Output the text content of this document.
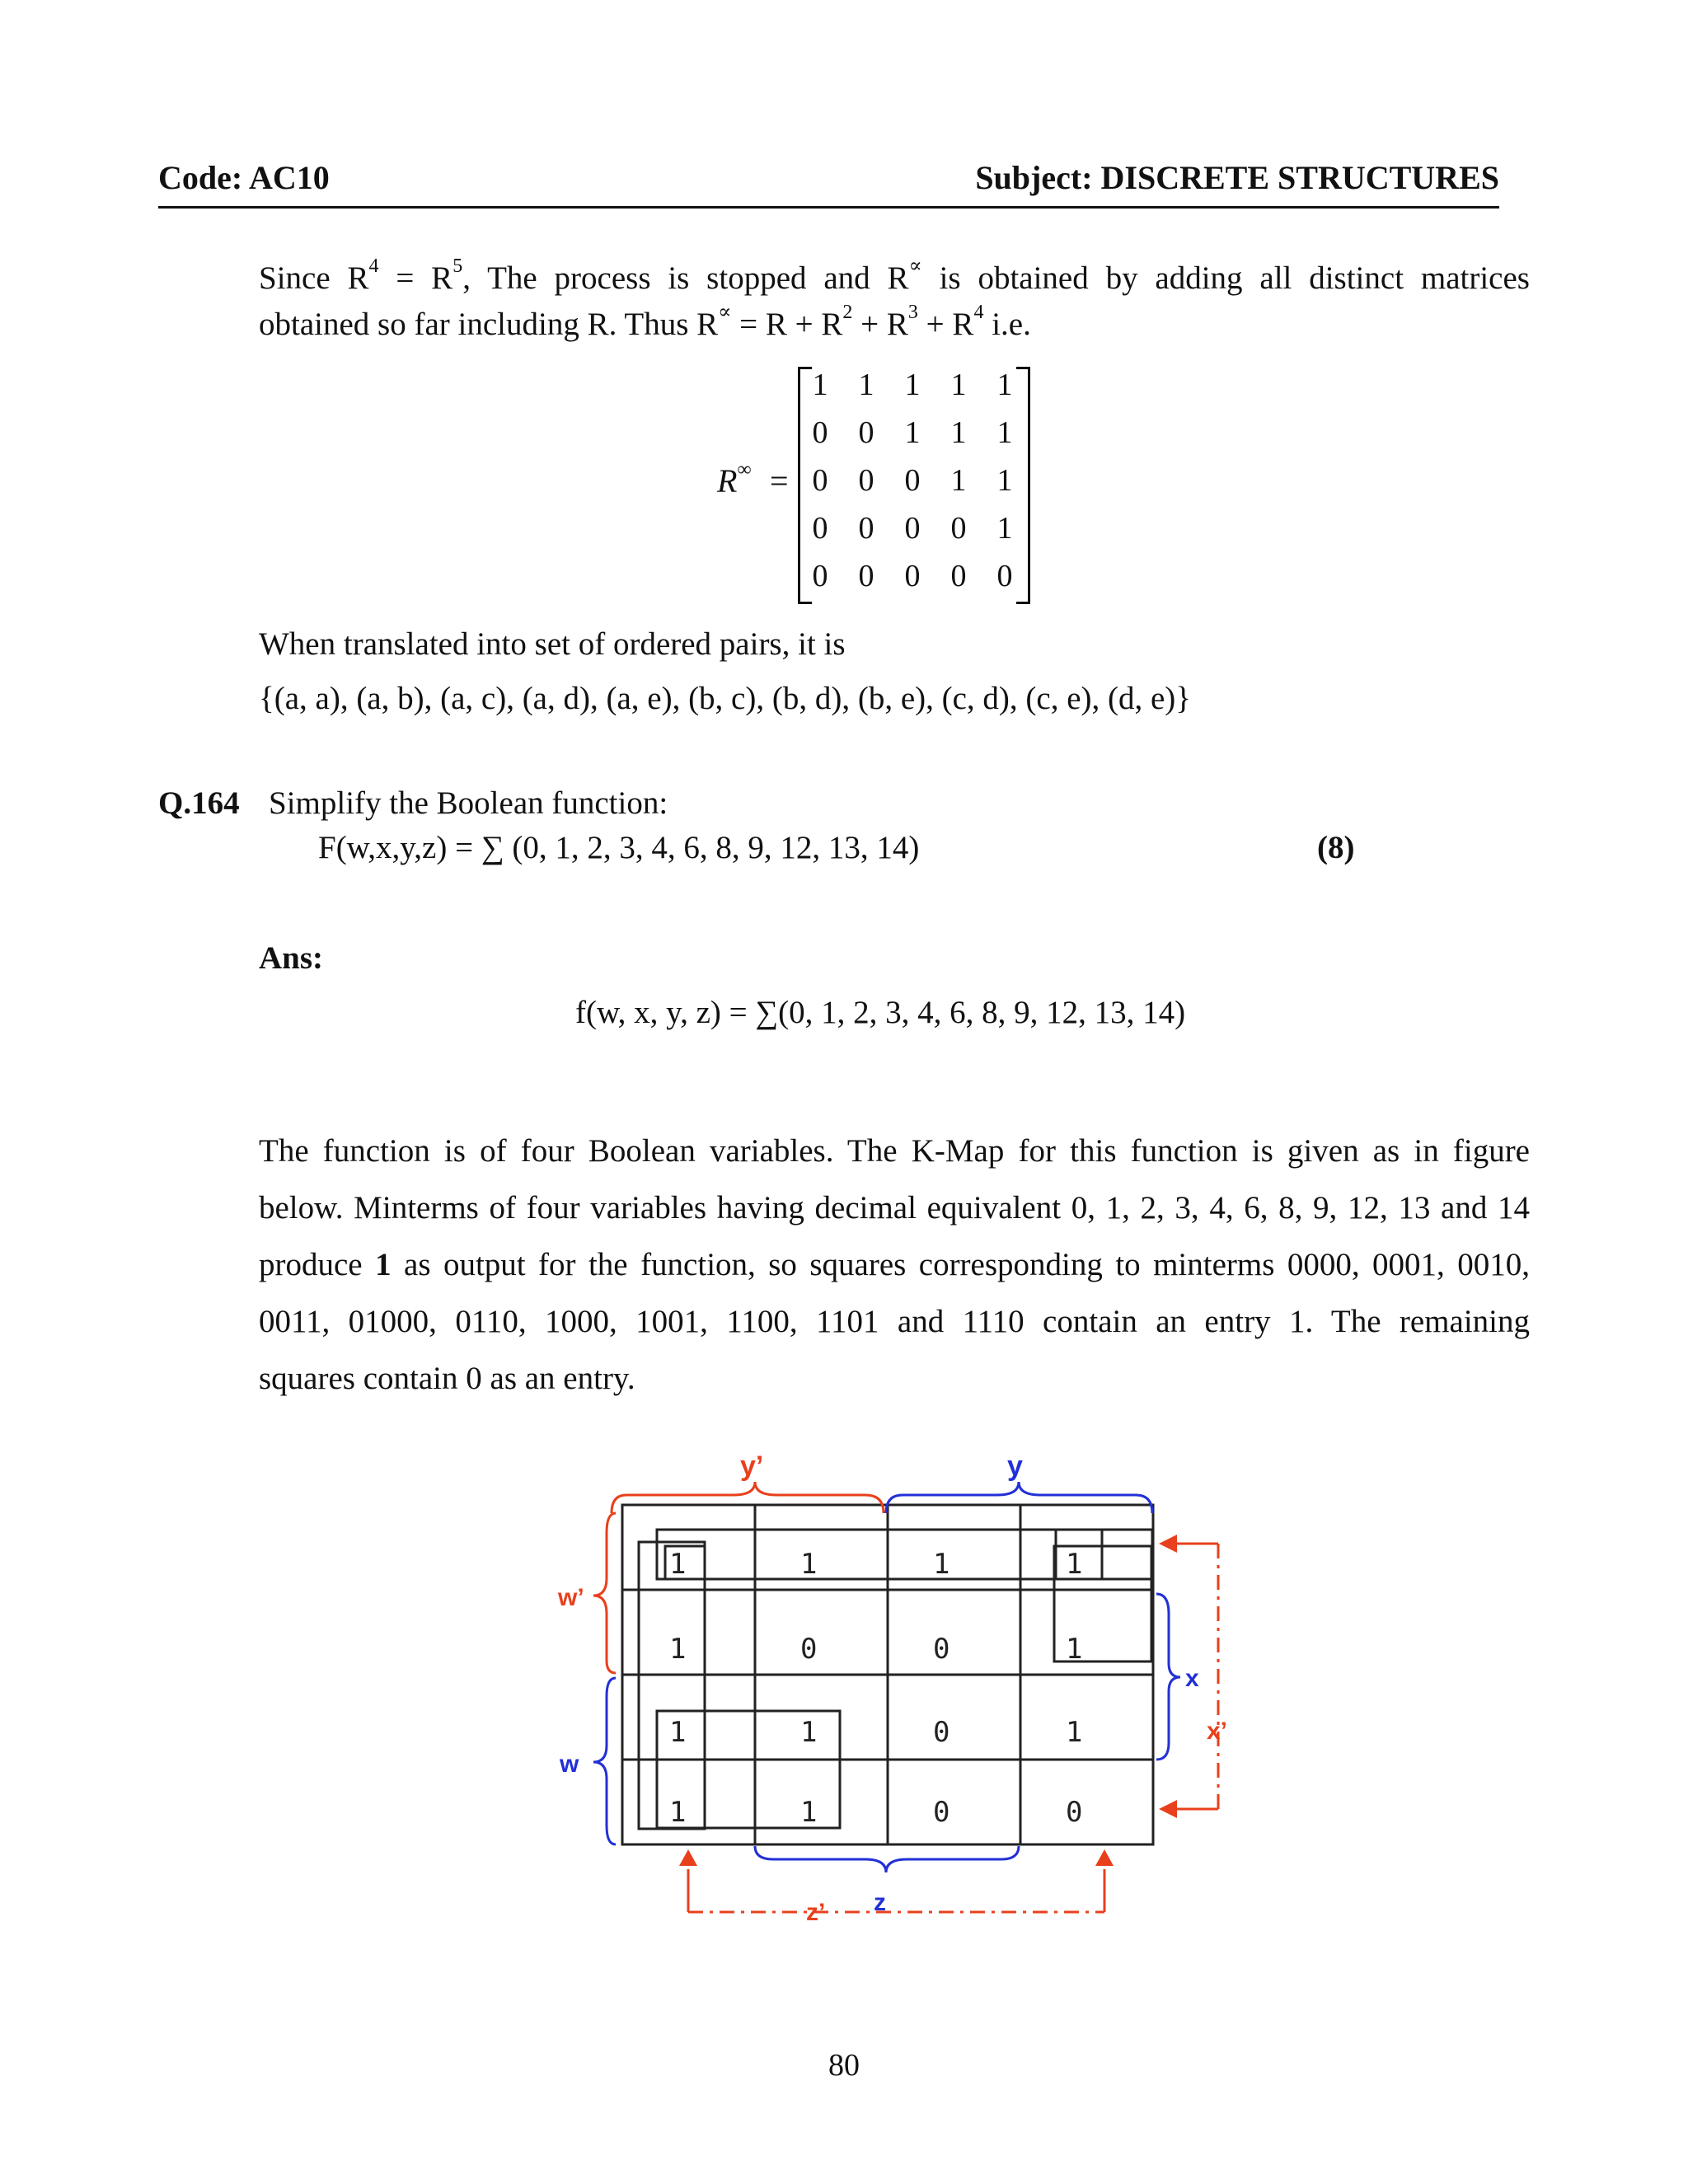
Code: AC10	Subject: DISCRETE STRUCTURES
Since $R^4 = R^5$, The process is stopped and R∝ is obtained by adding all distinct matrices
obtained so far including R. Thus $R^\propto = R + R^2 + R^3 + R^4$ i.e.
R∞ =
1 1 1 1 1
0 0 1 1 1
0 0 0 1 1
0 0 0 0 1
0 0 0 0 0
When translated into set of ordered pairs, it is
{(a, a), (a, b), (a, c), (a, d), (a, e), (b, c), (b, d), (b, e), (c, d), (c, e), (d, e)}
Q.164 Simplify the Boolean function:
F(w,x,y,z) = ∑ (0, 1, 2, 3, 4, 6, 8, 9, 12, 13, 14)	(8)
Ans:
f(w, x, y, z) = ∑(0, 1, 2, 3, 4, 6, 8, 9, 12, 13, 14)
The function is of four Boolean variables. The K-Map for this function is given as in figure
below. Minterms of four variables having decimal equivalent 0, 1, 2, 3, 4, 6, 8, 9, 12, 13 and 14
produce 1 as output for the function, so squares corresponding to minterms 0000, 0001, 0010,
0011, 01000, 0110, 1000, 1001, 1100, 1101 and 1110 contain an entry 1. The remaining
squares contain 0 as an entry.
1	1	1	1
1	0	0	1
1	1	0	1
1	1	0	0
y’	y
w’
w
x
x’
z
z’
80
